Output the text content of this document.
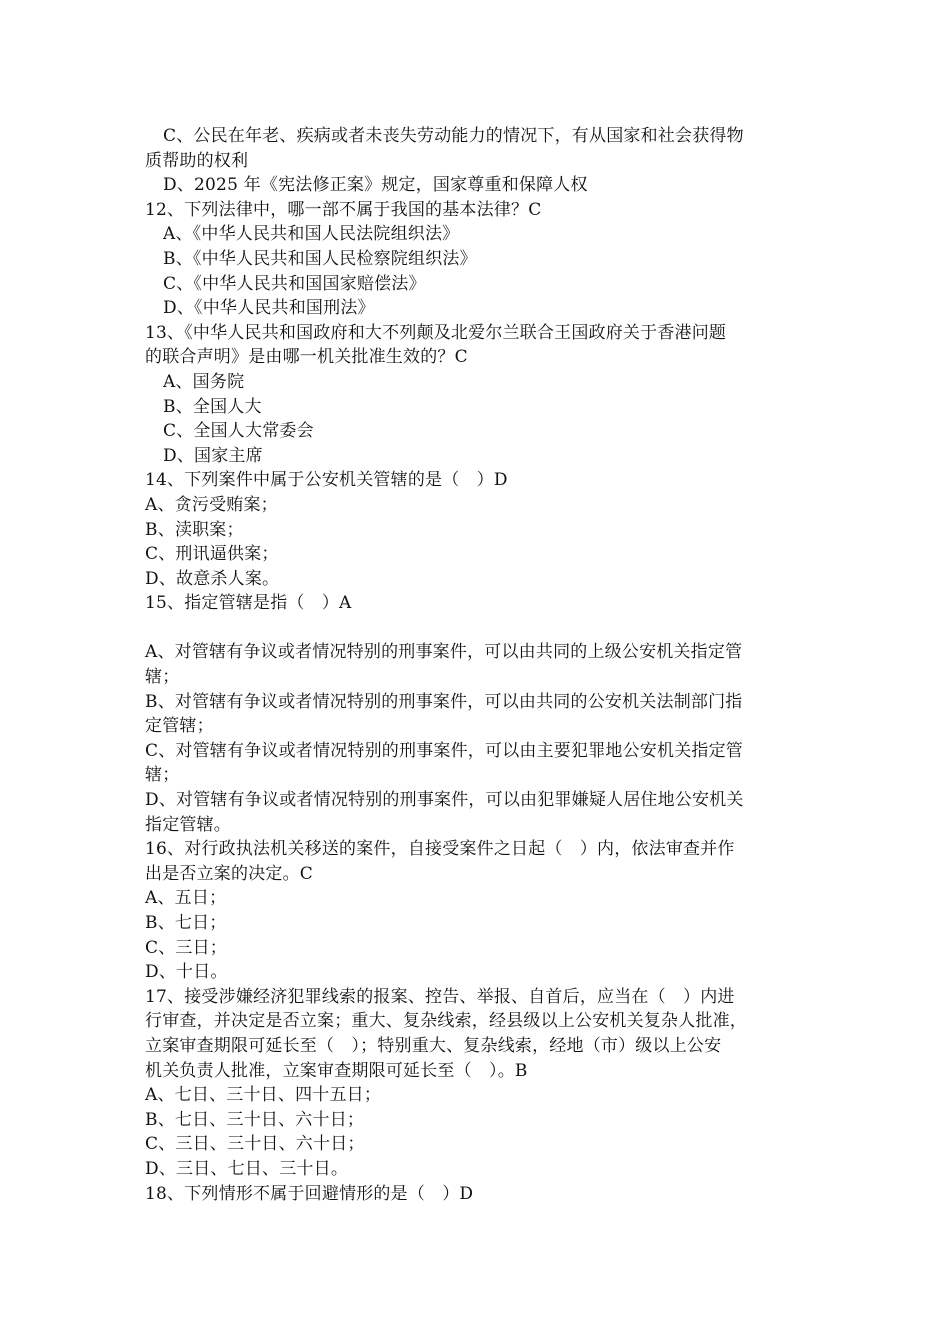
C、公民在年老、疾病或者未丧失劳动能力的情况下，有从国家和社会获得物
质帮助的权利
D、2025 年《宪法修正案》规定，国家尊重和保障人权
12、下列法律中，哪一部不属于我国的基本法律？C
A、《中华人民共和国人民法院组织法》
B、《中华人民共和国人民检察院组织法》
C、《中华人民共和国国家赔偿法》
D、《中华人民共和国刑法》
13、《中华人民共和国政府和大不列颠及北爱尔兰联合王国政府关于香港问题
的联合声明》是由哪一机关批准生效的？C
A、国务院
B、全国人大
C、全国人大常委会
D、国家主席
14、下列案件中属于公安机关管辖的是（　）D
A、贪污受贿案；
B、渎职案；
C、刑讯逼供案；
D、故意杀人案。
15、指定管辖是指（　）A
A、对管辖有争议或者情况特别的刑事案件，可以由共同的上级公安机关指定管
辖；
B、对管辖有争议或者情况特别的刑事案件，可以由共同的公安机关法制部门指
定管辖；
C、对管辖有争议或者情况特别的刑事案件，可以由主要犯罪地公安机关指定管
辖；
D、对管辖有争议或者情况特别的刑事案件，可以由犯罪嫌疑人居住地公安机关
指定管辖。
16、对行政执法机关移送的案件，自接受案件之日起（　）内，依法审查并作
出是否立案的决定。C
A、五日；
B、七日；
C、三日；
D、十日。
17、接受涉嫌经济犯罪线索的报案、控告、举报、自首后，应当在（　）内进
行审查，并决定是否立案；重大、复杂线索，经县级以上公安机关复杂人批准，
立案审查期限可延长至（　）；特别重大、复杂线索，经地（市）级以上公安
机关负责人批准，立案审查期限可延长至（　）。B
A、七日、三十日、四十五日；
B、七日、三十日、六十日；
C、三日、三十日、六十日；
D、三日、七日、三十日。
18、下列情形不属于回避情形的是（　）D
